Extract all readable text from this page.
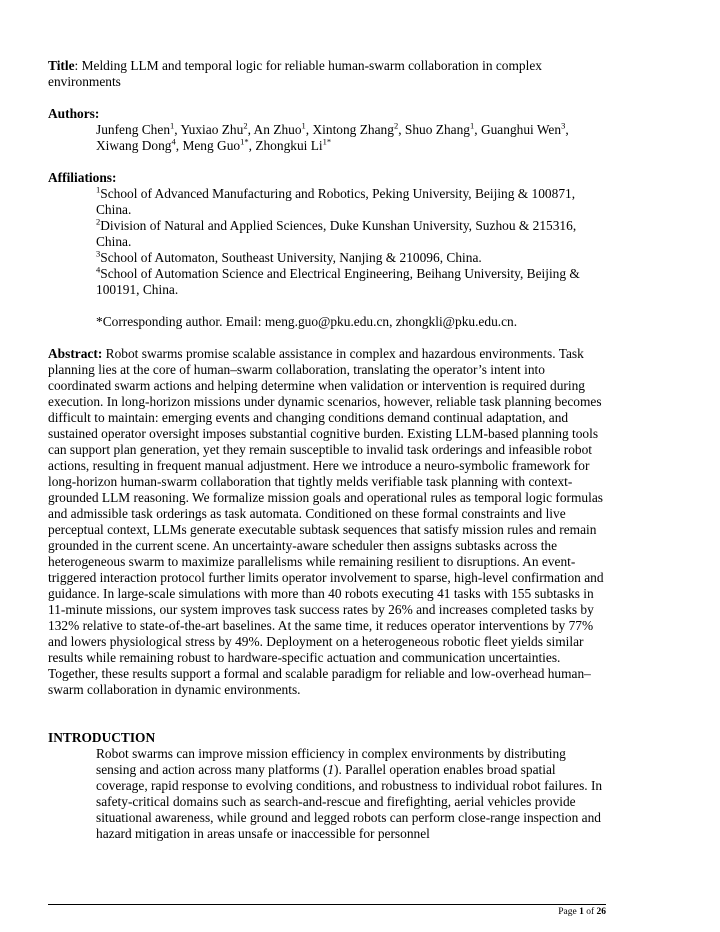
Title: Melding LLM and temporal logic for reliable human-swarm collaboration in complex environments

Authors:
Junfeng Chen$^1$, Yuxiao Zhu$^2$, An Zhuo$^1$, Xintong Zhang$^2$, Shuo Zhang$^1$, Guanghui Wen$^3$, Xiwang Dong$^4$, Meng Guo$^{1*}$, Zhongkui $Li^{1*}$
Affiliations:
$^1$School of Advanced Manufacturing and Robotics, Peking University, Beijing & 100871, China.
$^2$Division of Natural and Applied Sciences, Duke Kunshan University, Suzhou & 215316, China.
$^3$School of Automaton, Southeast University, Nanjing & 210096, China.
$^4$School of Automation Science and Electrical Engineering, Beihang University, Beijing & 100191, China.
*Corresponding author. Email: meng.guo@pku.edu.cn, zhongkli@pku.edu.cn.

Abstract: Robot swarms promise scalable assistance in complex and hazardous environments. Task planning lies at the core of human–swarm collaboration, translating the operator’s intent into coordinated swarm actions and helping determine when validation or intervention is required during execution. In long-horizon missions under dynamic scenarios, however, reliable task planning becomes difficult to maintain: emerging events and changing conditions demand continual adaptation, and sustained operator oversight imposes substantial cognitive burden. Existing LLM-based planning tools can support plan generation, yet they remain susceptible to invalid task orderings and infeasible robot actions, resulting in frequent manual adjustment. Here we introduce a neuro-symbolic framework for long-horizon human-swarm collaboration that tightly melds verifiable task planning with context-grounded LLM reasoning. We formalize mission goals and operational rules as temporal logic formulas and admissible task orderings as task automata. Conditioned on these formal constraints and live perceptual context, LLMs generate executable subtask sequences that satisfy mission rules and remain grounded in the current scene. An uncertainty-aware scheduler then assigns subtasks across the heterogeneous swarm to maximize parallelisms while remaining resilient to disruptions. An event-triggered interaction protocol further limits operator involvement to sparse, high-level confirmation and guidance. In large-scale simulations with more than 40 robots executing 41 tasks with 155 subtasks in 11-minute missions, our system improves task success rates by 26% and increases completed tasks by 132% relative to state-of-the-art baselines. At the same time, it reduces operator interventions by 77% and lowers physiological stress by 49%. Deployment on a heterogeneous robotic fleet yields similar results while remaining robust to hardware-specific actuation and communication uncertainties. Together, these results support a formal and scalable paradigm for reliable and low-overhead human–swarm collaboration in dynamic environments.

INTRODUCTION
Robot swarms can improve mission efficiency in complex environments by distributing sensing and action across many platforms (1). Parallel operation enables broad spatial coverage, rapid response to evolving conditions, and robustness to individual robot failures. In safety-critical domains such as search-and-rescue and firefighting, aerial vehicles provide situational awareness, while ground and legged robots can perform close-range inspection and hazard mitigation in areas unsafe or inaccessible for personnel
Page 1 of 26
